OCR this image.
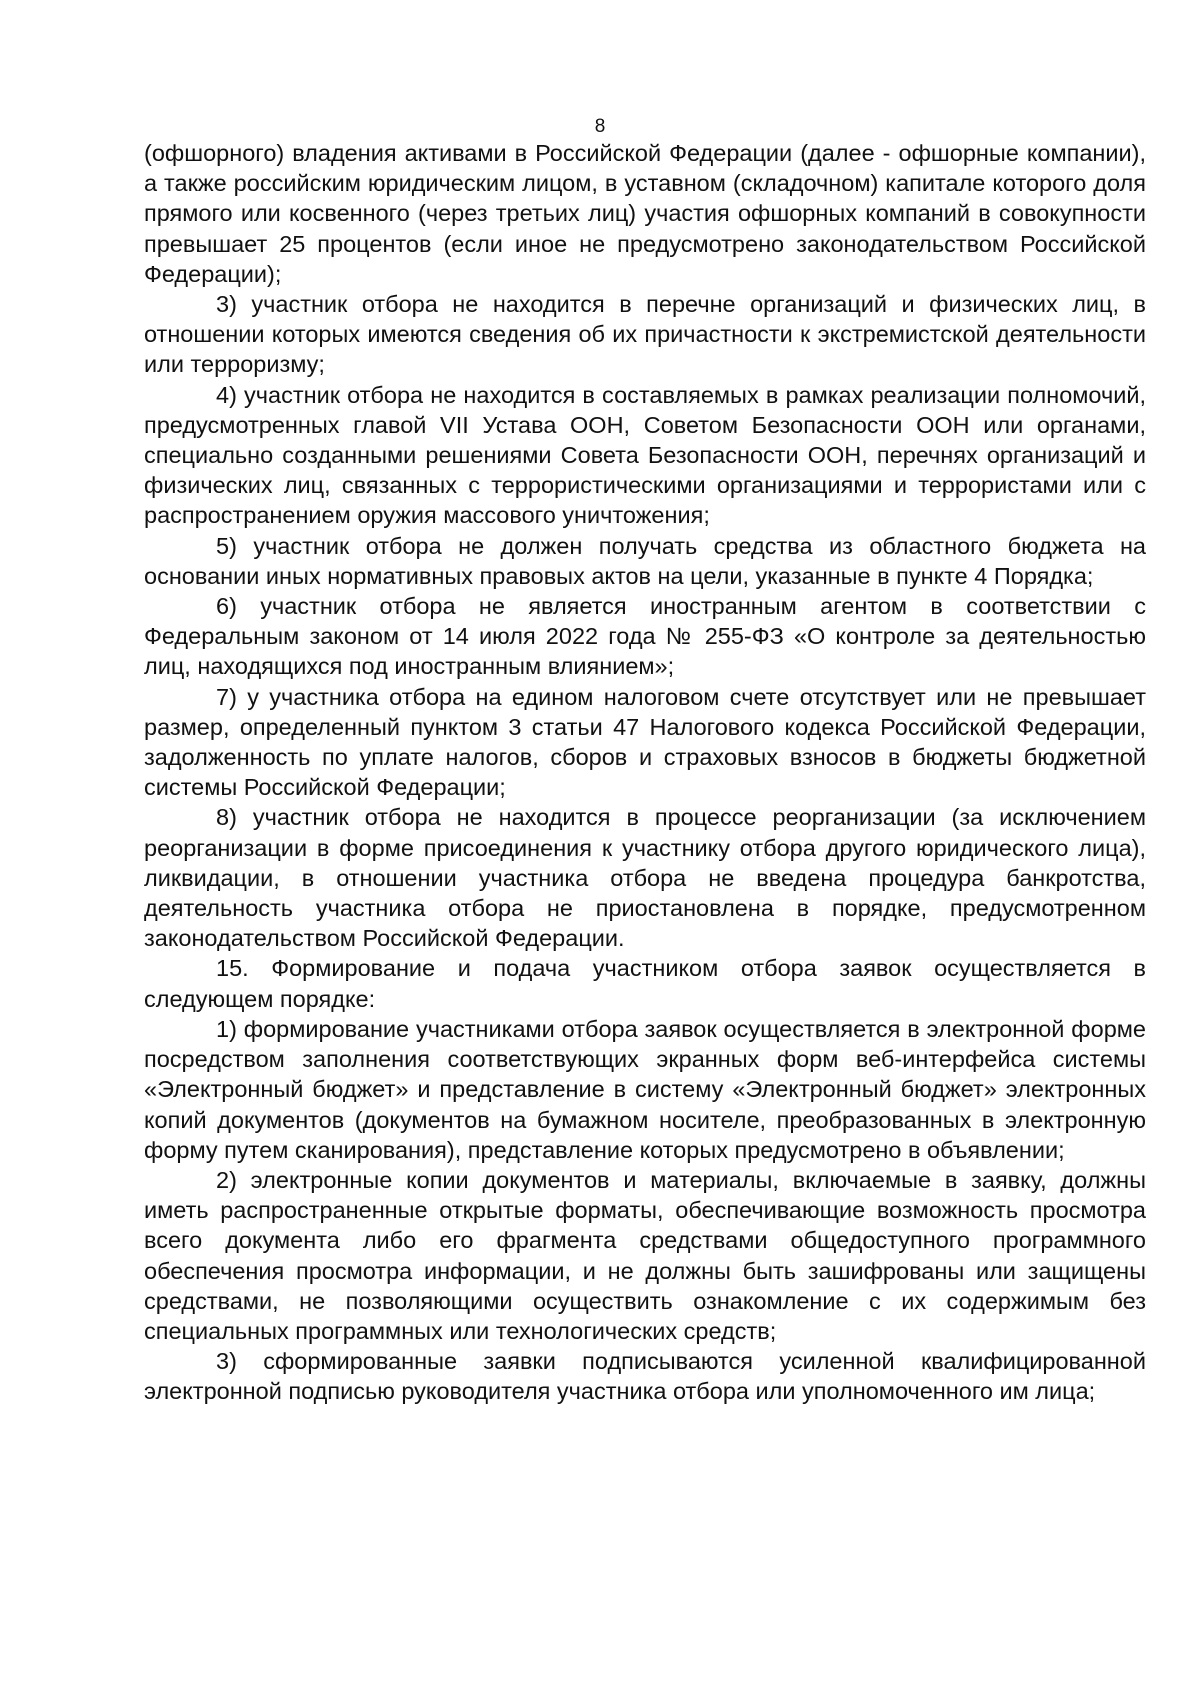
8

(офшорного) владения активами в Российской Федерации (далее - офшорные компании), а также российским юридическим лицом, в уставном (складочном) капитале которого доля прямого или косвенного (через третьих лиц) участия офшорных компаний в совокупности превышает 25 процентов (если иное не предусмотрено законодательством Российской Федерации);

3) участник отбора не находится в перечне организаций и физических лиц, в отношении которых имеются сведения об их причастности к экстремистской деятельности или терроризму;

4) участник отбора не находится в составляемых в рамках реализации полномочий, предусмотренных главой VII Устава ООН, Советом Безопасности ООН или органами, специально созданными решениями Совета Безопасности ООН, перечнях организаций и физических лиц, связанных с террористическими организациями и террористами или с распространением оружия массового уничтожения;

5) участник отбора не должен получать средства из областного бюджета на основании иных нормативных правовых актов на цели, указанные в пункте 4 Порядка;

6) участник отбора не является иностранным агентом в соответствии с Федеральным законом от 14 июля 2022 года № 255-ФЗ «О контроле за деятельностью лиц, находящихся под иностранным влиянием»;

7) у участника отбора на едином налоговом счете отсутствует или не превышает размер, определенный пунктом 3 статьи 47 Налогового кодекса Российской Федерации, задолженность по уплате налогов, сборов и страховых взносов в бюджеты бюджетной системы Российской Федерации;

8) участник отбора не находится в процессе реорганизации (за исключением реорганизации в форме присоединения к участнику отбора другого юридического лица), ликвидации, в отношении участника отбора не введена процедура банкротства, деятельность участника отбора не приостановлена в порядке, предусмотренном законодательством Российской Федерации.

15. Формирование и подача участником отбора заявок осуществляется в следующем порядке:

1) формирование участниками отбора заявок осуществляется в электронной форме посредством заполнения соответствующих экранных форм веб-интерфейса системы «Электронный бюджет» и представление в систему «Электронный бюджет» электронных копий документов (документов на бумажном носителе, преобразованных в электронную форму путем сканирования), представление которых предусмотрено в объявлении;

2) электронные копии документов и материалы, включаемые в заявку, должны иметь распространенные открытые форматы, обеспечивающие возможность просмотра всего документа либо его фрагмента средствами общедоступного программного обеспечения просмотра информации, и не должны быть зашифрованы или защищены средствами, не позволяющими осуществить ознакомление с их содержимым без специальных программных или технологических средств;

3) сформированные заявки подписываются усиленной квалифицированной электронной подписью руководителя участника отбора или уполномоченного им лица;
